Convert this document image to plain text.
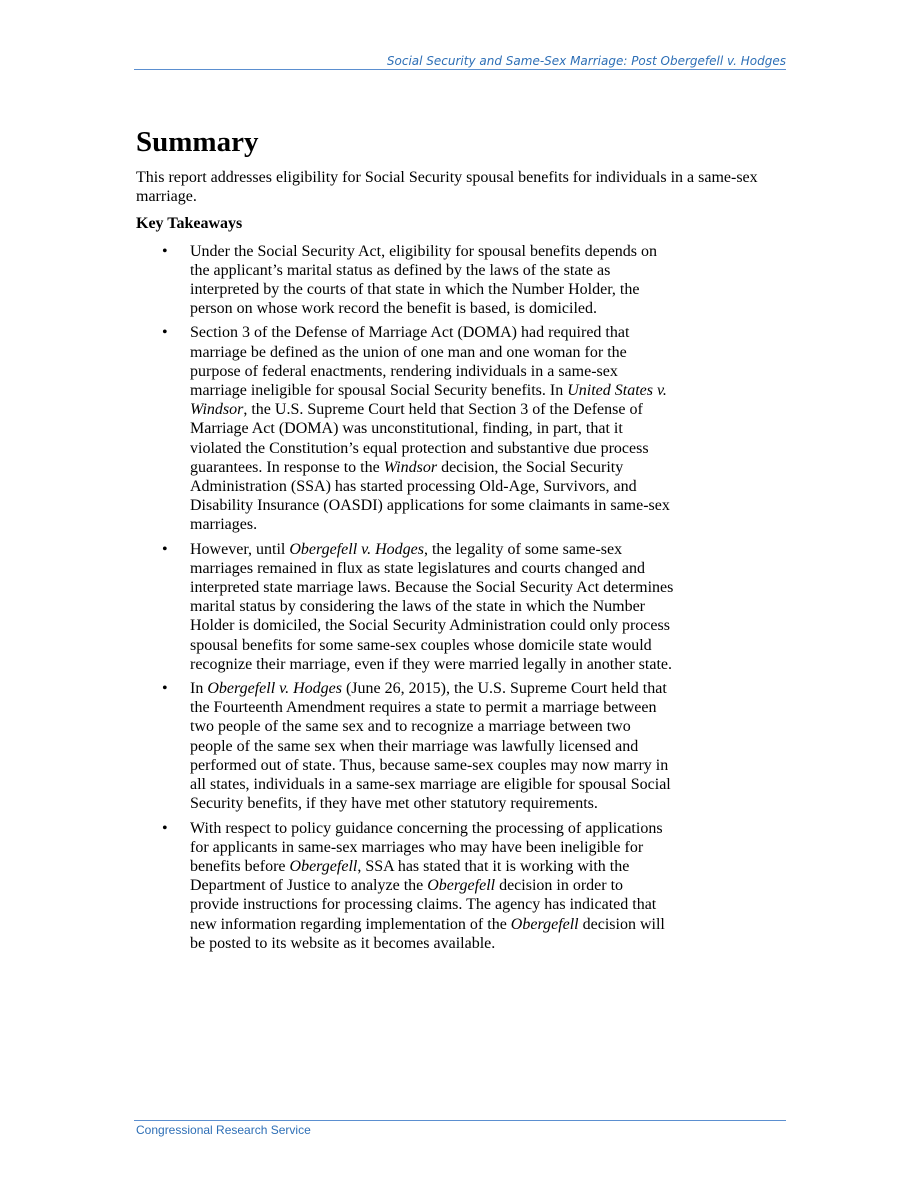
Social Security and Same-Sex Marriage: Post Obergefell v. Hodges
Summary

This report addresses eligibility for Social Security spousal benefits for individuals in a same-sex marriage.

Key Takeaways

• Under the Social Security Act, eligibility for spousal benefits depends on the applicant’s marital status as defined by the laws of the state as interpreted by the courts of that state in which the Number Holder, the person on whose work record the benefit is based, is domiciled.
• Section 3 of the Defense of Marriage Act (DOMA) had required that marriage be defined as the union of one man and one woman for the purpose of federal enactments, rendering individuals in a same-sex marriage ineligible for spousal Social Security benefits. In United States v. Windsor, the U.S. Supreme Court held that Section 3 of the Defense of Marriage Act (DOMA) was unconstitutional, finding, in part, that it violated the Constitution’s equal protection and substantive due process guarantees. In response to the Windsor decision, the Social Security Administration (SSA) has started processing Old-Age, Survivors, and Disability Insurance (OASDI) applications for some claimants in same-sex marriages.
• However, until Obergefell v. Hodges, the legality of some same-sex marriages remained in flux as state legislatures and courts changed and interpreted state marriage laws. Because the Social Security Act determines marital status by considering the laws of the state in which the Number Holder is domiciled, the Social Security Administration could only process spousal benefits for some same-sex couples whose domicile state would recognize their marriage, even if they were married legally in another state.
• In Obergefell v. Hodges (June 26, 2015), the U.S. Supreme Court held that the Fourteenth Amendment requires a state to permit a marriage between two people of the same sex and to recognize a marriage between two people of the same sex when their marriage was lawfully licensed and performed out of state. Thus, because same-sex couples may now marry in all states, individuals in a same-sex marriage are eligible for spousal Social Security benefits, if they have met other statutory requirements.
• With respect to policy guidance concerning the processing of applications for applicants in same-sex marriages who may have been ineligible for benefits before Obergefell, SSA has stated that it is working with the Department of Justice to analyze the Obergefell decision in order to provide instructions for processing claims. The agency has indicated that new information regarding implementation of the Obergefell decision will be posted to its website as it becomes available.
Congressional Research Service
